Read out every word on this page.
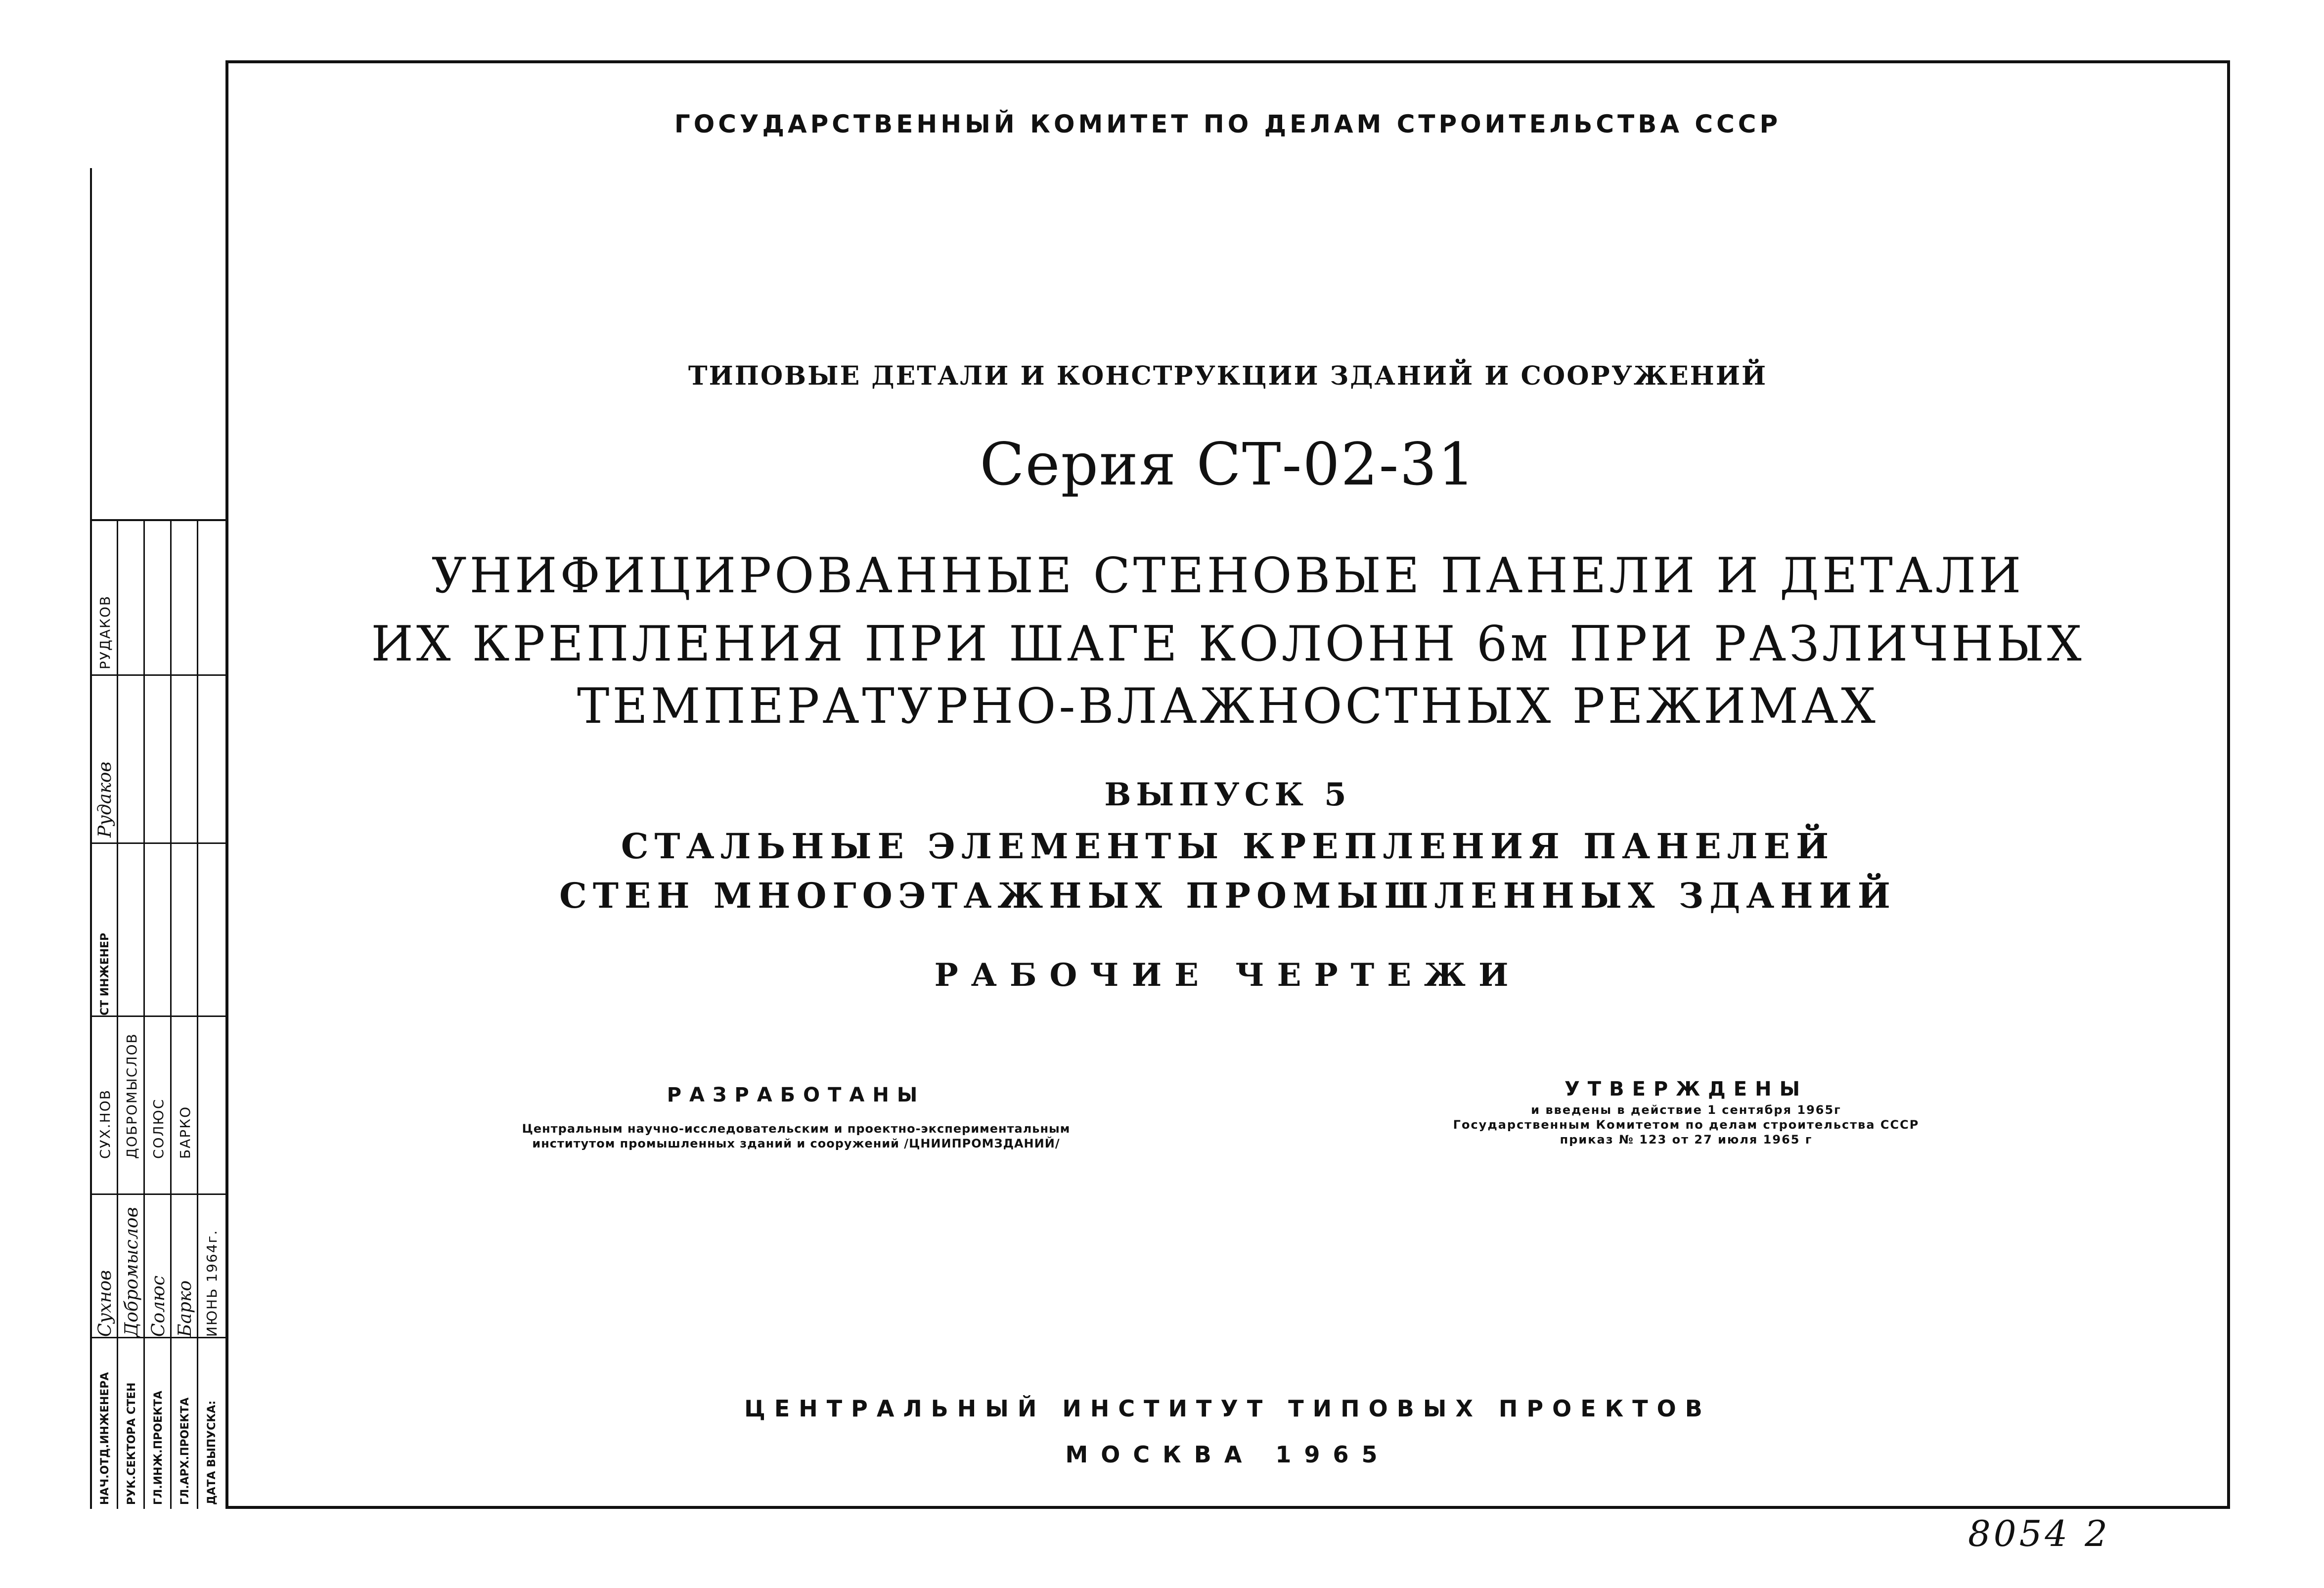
ГОСУДАРСТВЕННЫЙ КОМИТЕТ ПО ДЕЛАМ СТРОИТЕЛЬСТВА СССР
ТИПОВЫЕ ДЕТАЛИ И КОНСТРУКЦИИ ЗДАНИЙ И СООРУЖЕНИЙ
Серия СТ-02-31
УНИФИЦИРОВАННЫЕ СТЕНОВЫЕ ПАНЕЛИ И ДЕТАЛИ
ИХ КРЕПЛЕНИЯ ПРИ ШАГЕ КОЛОНН 6м ПРИ РАЗЛИЧНЫХ
ТЕМПЕРАТУРНО-ВЛАЖНОСТНЫХ РЕЖИМАХ
ВЫПУСК 5
СТАЛЬНЫЕ ЭЛЕМЕНТЫ КРЕПЛЕНИЯ ПАНЕЛЕЙ
СТЕН МНОГОЭТАЖНЫХ ПРОМЫШЛЕННЫХ ЗДАНИЙ
РАБОЧИЕ ЧЕРТЕЖИ
РАЗРАБОТАНЫ
Центральным научно-исследовательским и проектно-экспериментальным
институтом промышленных зданий и сооружений /ЦНИИПРОМЗДАНИЙ/
УТВЕРЖДЕНЫ
и введены в действие 1 сентября 1965г
Государственным Комитетом по делам строительства СССР
приказ № 123 от 27 июля 1965 г
ЦЕНТРАЛЬНЫЙ ИНСТИТУТ ТИПОВЫХ ПРОЕКТОВ
МОСКВА 1965
8054 2
НАЧ.ОТД.ИНЖЕНЕРА
Сухнов
СУХ.НОВ
СТ ИНЖЕНЕР
Рудаков
РУДАКОВ
РУК.СЕКТОРА СТЕН
Добромыслов
ДОБРОМЫСЛОВ
ГЛ.ИНЖ.ПРОЕКТА
Солюс
СОЛЮС
ГЛ.АРХ.ПРОЕКТА
Барко
БАРКО
ДАТА ВЫПУСКА:
ИЮНЬ 1964г.
